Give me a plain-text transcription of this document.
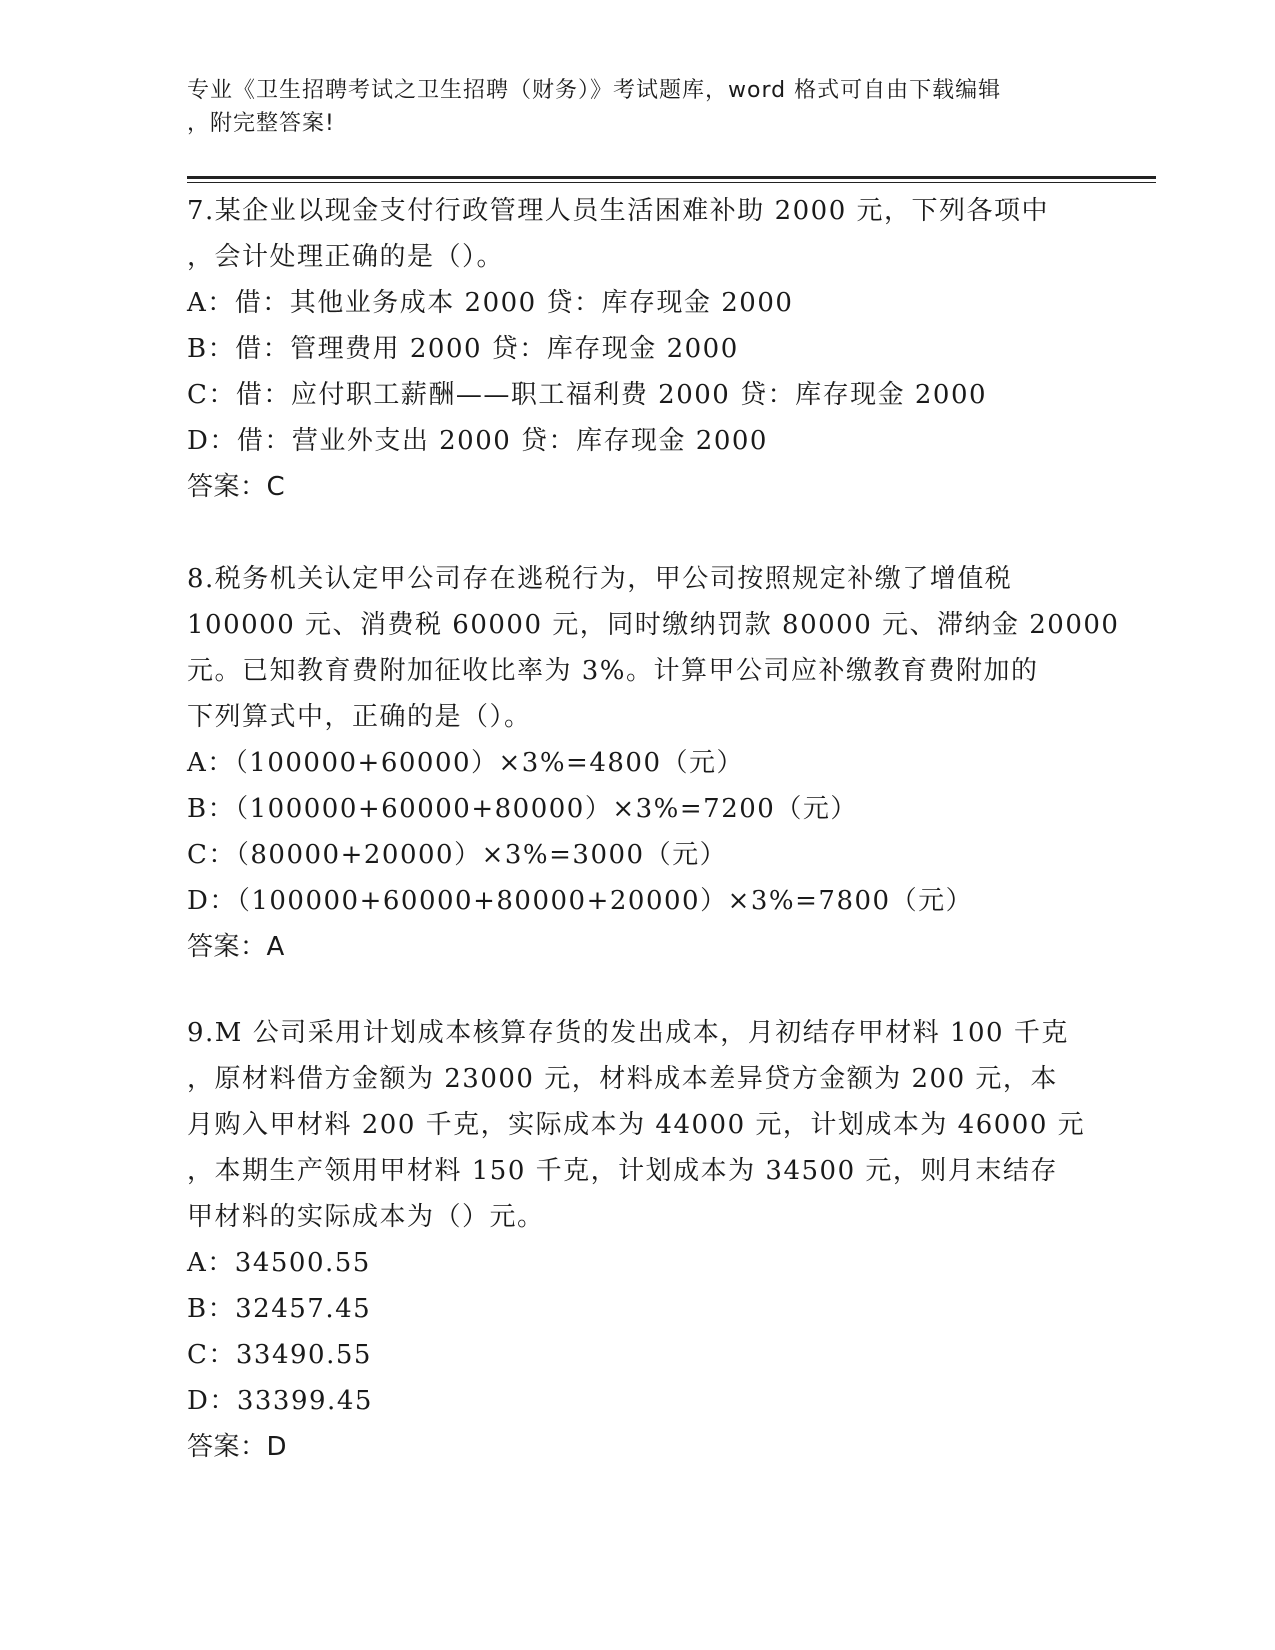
专业《卫生招聘考试之卫生招聘（财务）》考试题库，word 格式可自由下载编辑
，附完整答案!
7.某企业以现金支付行政管理人员生活困难补助 2000 元，下列各项中
，会计处理正确的是（）。
A：借：其他业务成本 2000 贷：库存现金 2000
B：借：管理费用 2000 贷：库存现金 2000
C：借：应付职工薪酬——职工福利费 2000 贷：库存现金 2000
D：借：营业外支出 2000 贷：库存现金 2000
答案：C
8.税务机关认定甲公司存在逃税行为，甲公司按照规定补缴了增值税
100000 元、消费税 60000 元，同时缴纳罚款 80000 元、滞纳金 20000
元。已知教育费附加征收比率为 3%。计算甲公司应补缴教育费附加的
下列算式中，正确的是（）。
A：（100000+60000）×3%=4800（元）
B：（100000+60000+80000）×3%=7200（元）
C：（80000+20000）×3%=3000（元）
D：（100000+60000+80000+20000）×3%=7800（元）
答案：A
9.M 公司采用计划成本核算存货的发出成本，月初结存甲材料 100 千克
，原材料借方金额为 23000 元，材料成本差异贷方金额为 200 元，本
月购入甲材料 200 千克，实际成本为 44000 元，计划成本为 46000 元
，本期生产领用甲材料 150 千克，计划成本为 34500 元，则月末结存
甲材料的实际成本为（）元。
A：34500.55
B：32457.45
C：33490.55
D：33399.45
答案：D
